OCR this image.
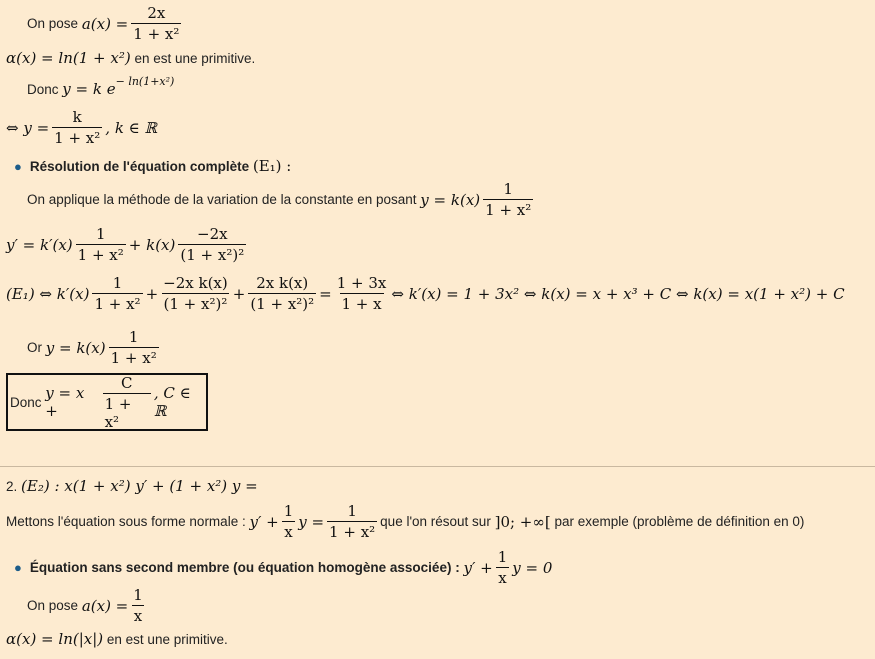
On pose
$a(x) = \frac{2x}{\text{1 + x²}}$
α(x) = ln(1 + x²)
en est une primitive.
Donc
y = k $e^{- ln(1+x^2)}$
⇔ $y = \frac{k}{\text{1 + x²}}$ , k ∈ ℝ
● Résolution de l'équation complète
(E₁) :
On applique la méthode de la variation de la constante en posant
$y = k(x) \frac{1}{\text{1 + x²}}$
$y' = k'(x) \frac{1}{\text{1 + x²}} + k(x) \frac{-2x}{\text{(1 + x²)²}}$
(E₁) ⇔ $k'(x) \frac{1}{\text{1 + x²}} + \frac{\text{−2x k(x)}}{\text{(1 + x²)²}} + \frac{\text{2x k(x)}}{\text{(1 + x²)²}} = \frac{1 + 3x}{1 + x}$ ⇔ k′(x) = 1 + 3x² ⇔ k(x) = x + x³ + C ⇔ k(x) = x(1 + x²) + C
Or
$y = k(x) \frac{1}{\text{1 + x²}}$
Donc
y = x +	$\frac{C}{\text{1 + x²}}$ , C ∈ ℝ
2.
(E₂) : x(1 + x²) y′ + (1 + x²) y =
Mettons l'équation sous forme normale :
$y' + \frac{1}{x}$ $y = \frac{1}{\text{1 + x²}}$ que l'on résout sur
]0; +∞[
par exemple (problème de définition en 0)
● Équation sans second membre (ou équation homogène associée) :
$y' + \frac{1}{x}$ y = 0
On pose
$a(x) = \frac{1}{x}$
α(x) = ln(|x|)
en est une primitive.
